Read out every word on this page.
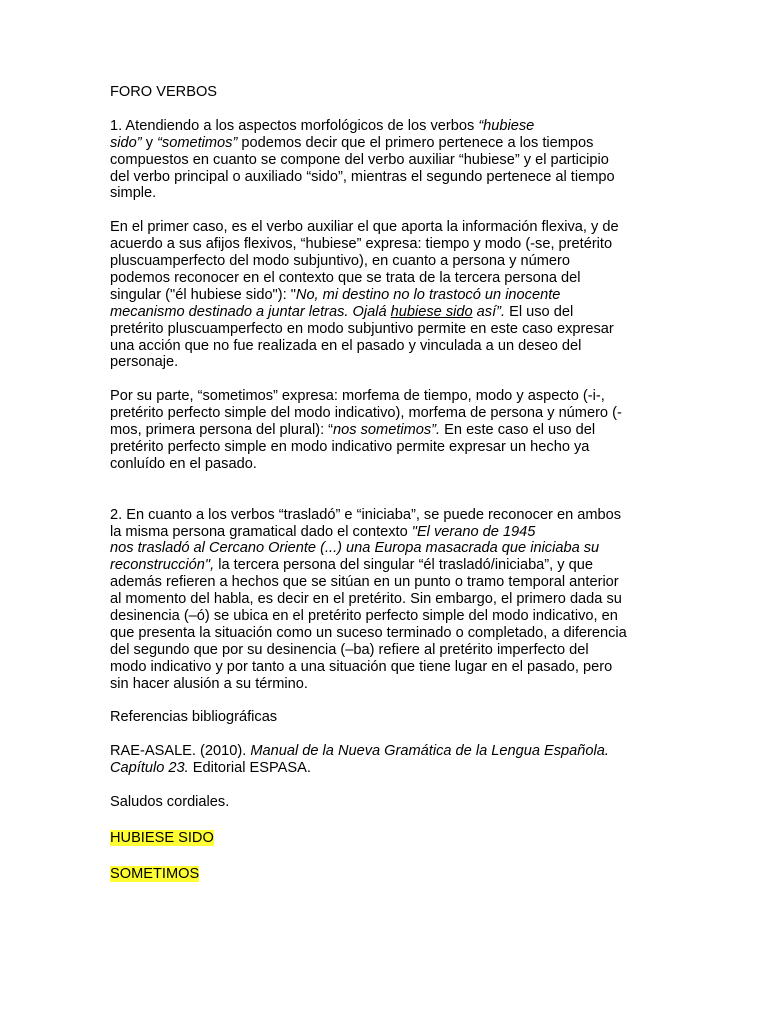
FORO VERBOS

1. Atendiendo a los aspectos morfológicos de los verbos “hubiese
sido” y “sometimos” podemos decir que el primero pertenece a los tiempos
compuestos en cuanto se compone del verbo auxiliar “hubiese” y el participio
del verbo principal o auxiliado “sido”, mientras el segundo pertenece al tiempo
simple.

En el primer caso, es el verbo auxiliar el que aporta la información flexiva, y de
acuerdo a sus afijos flexivos, “hubiese” expresa: tiempo y modo (-se, pretérito
pluscuamperfecto del modo subjuntivo), en cuanto a persona y número
podemos reconocer en el contexto que se trata de la tercera persona del
singular ("él hubiese sido"): "No, mi destino no lo trastocó un inocente
mecanismo destinado a juntar letras. Ojalá hubiese sido así”. El uso del
pretérito pluscuamperfecto en modo subjuntivo permite en este caso expresar
una acción que no fue realizada en el pasado y vinculada a un deseo del
personaje.

Por su parte, “sometimos” expresa: morfema de tiempo, modo y aspecto (-i-,
pretérito perfecto simple del modo indicativo), morfema de persona y número (-
mos, primera persona del plural): “nos sometimos”. En este caso el uso del
pretérito perfecto simple en modo indicativo permite expresar un hecho ya
conluído en el pasado.

2. En cuanto a los verbos “trasladó” e “iniciaba”, se puede reconocer en ambos
la misma persona gramatical dado el contexto "El verano de 1945
nos trasladó al Cercano Oriente (...) una Europa masacrada que iniciaba su
reconstrucción", la tercera persona del singular “él trasladó/iniciaba”, y que
además refieren a hechos que se sitúan en un punto o tramo temporal anterior
al momento del habla, es decir en el pretérito. Sin embargo, el primero dada su
desinencia (–ó) se ubica en el pretérito perfecto simple del modo indicativo, en
que presenta la situación como un suceso terminado o completado, a diferencia
del segundo que por su desinencia (–ba) refiere al pretérito imperfecto del
modo indicativo y por tanto a una situación que tiene lugar en el pasado, pero
sin hacer alusión a su término.

Referencias bibliográficas

RAE-ASALE. (2010). Manual de la Nueva Gramática de la Lengua Española.
Capítulo 23. Editorial ESPASA.

Saludos cordiales.

HUBIESE SIDO

SOMETIMOS
